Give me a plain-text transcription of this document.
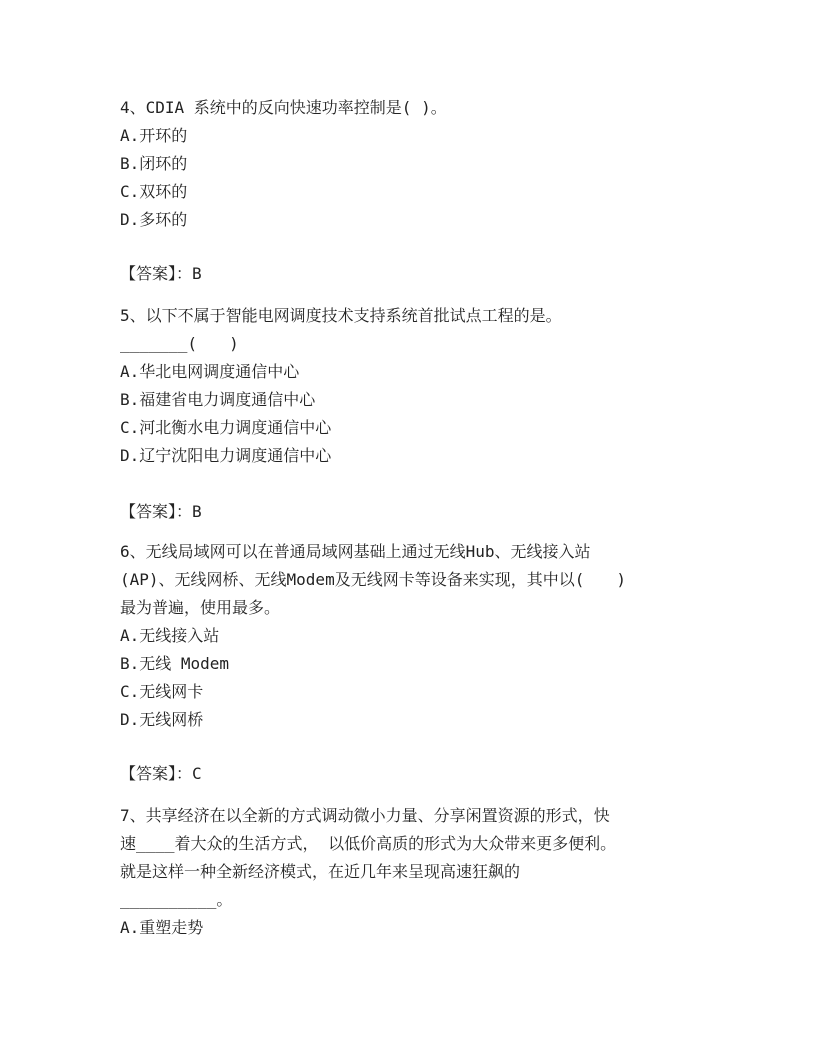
4、CDIA 系统中的反向快速功率控制是( )。
A.开环的
B.闭环的
C.双环的
D.多环的
【答案】：B
5、以下不属于智能电网调度技术支持系统首批试点工程的是。
_______(　　)
A.华北电网调度通信中心
B.福建省电力调度通信中心
C.河北衡水电力调度通信中心
D.辽宁沈阳电力调度通信中心
【答案】：B
6、无线局域网可以在普通局域网基础上通过无线Hub、无线接入站
(AP)、无线网桥、无线Modem及无线网卡等设备来实现，其中以(　　)
最为普遍，使用最多。
A.无线接入站
B.无线 Modem
C.无线网卡
D.无线网桥
【答案】：C
7、共享经济在以全新的方式调动微小力量、分享闲置资源的形式，快
速____着大众的生活方式， 以低价高质的形式为大众带来更多便利。
就是这样一种全新经济模式，在近几年来呈现高速狂飙的
__________。
A.重塑走势
